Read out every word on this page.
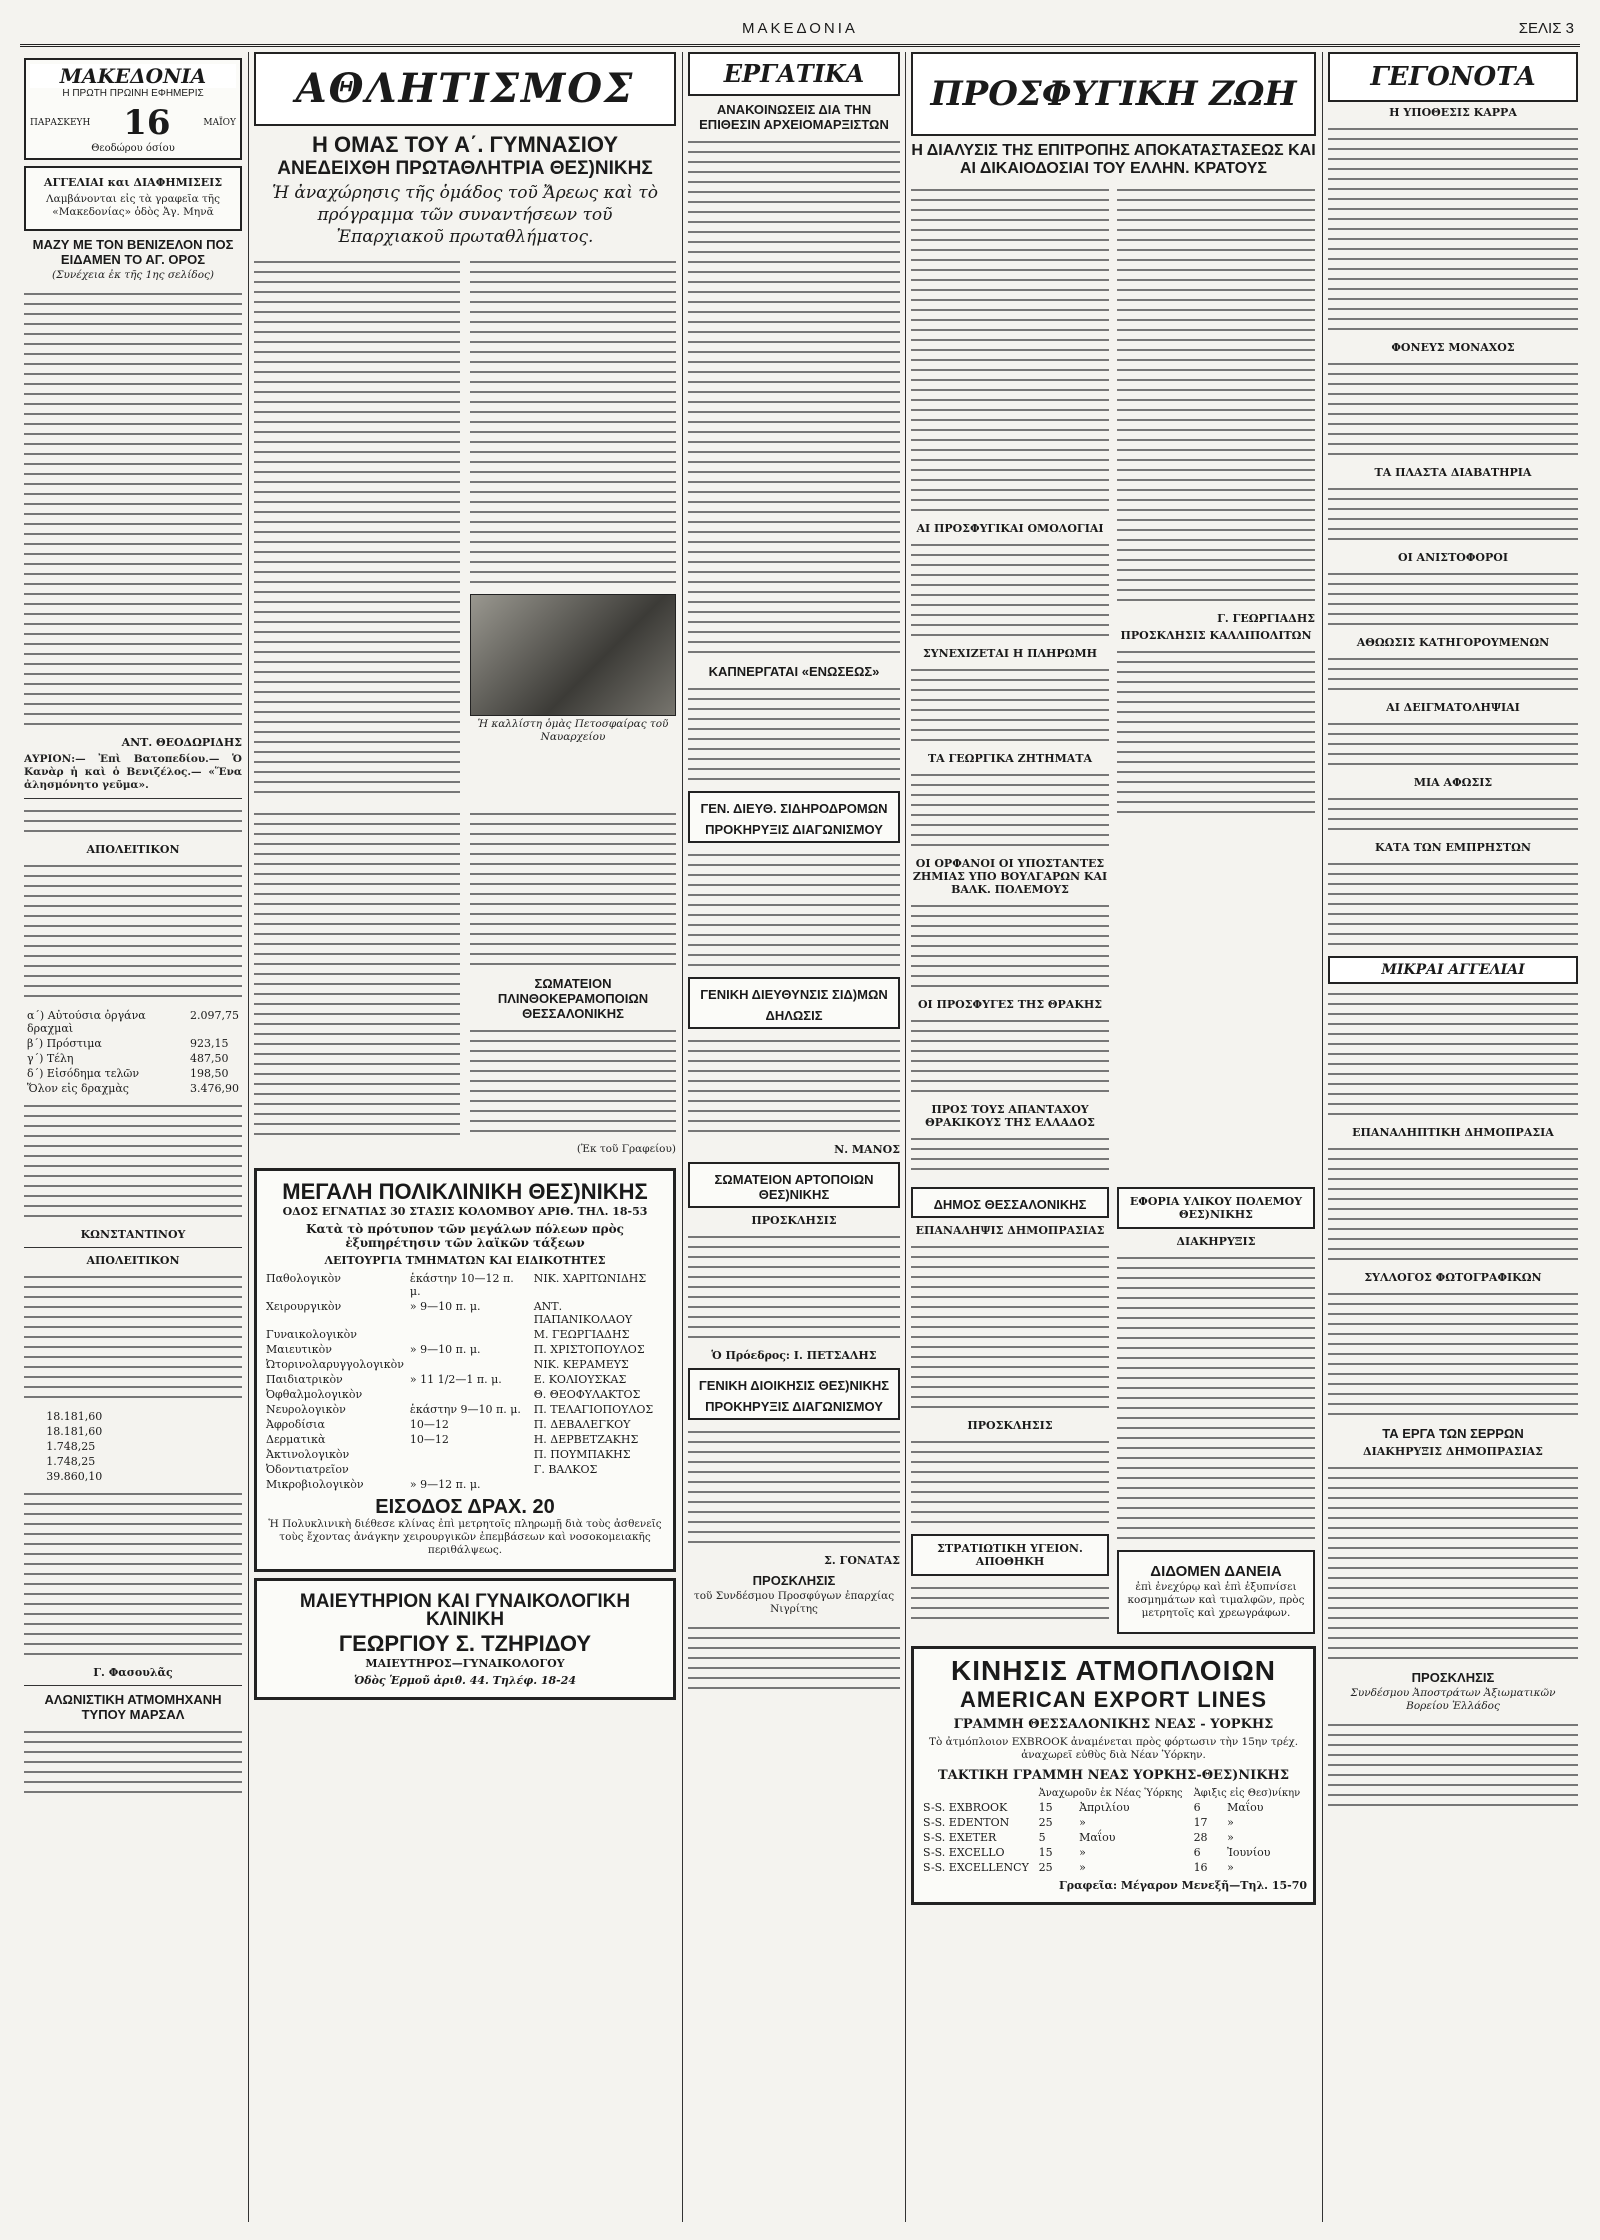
ΜΑΚΕΔΟΝΙΑ	ΣΕΛΙΣ 3
ΜΑΚΕΔΟΝΙΑ
Η ΠΡΩΤΗ ΠΡΩΙΝΗ ΕΦΗΜΕΡΙΣ
ΠΑΡΑΣΚΕΥΗ 16	ΜΑΪΟΥ
Θεοδώρου όσίου
ΑΓΓΕΛΙΑΙ και ΔΙΑΦΗΜΙΣΕΙΣ
Λαμβάνονται εἰς τὰ γραφεῖα τῆς «Μακεδονίας» ὁδὸς Ἀγ. Μηνᾶ
ΜΑΖΥ ΜΕ ΤΟΝ ΒΕΝΙΖΕΛΟΝ ΠΟΣ ΕΙΔΑΜΕΝ ΤΟ ΑΓ. ΟΡΟΣ
(Συνέχεια ἐκ τῆς 1ης σελίδος)
ΑΝΤ. ΘΕΟΔΩΡΙΔΗΣ
ΑΥΡΙΟΝ:— Ἐπὶ Βατοπεδίου.— Ὁ Κανὰρ ἡ καὶ ὁ Βενιζέλος.— «Ἕνα ἀλησμόνητο γεῦμα».
ΑΠΟΛΕΙΤΙΚΟΝ
α΄) Αὐτούσια ὀργάνα δραχμαὶ	2.097,75
β΄) Πρόστιμα	923,15
γ΄) Τέλη	487,50
δ΄) Εἰσόδημα τελῶν	198,50
Ὅλον εἰς δραχμὰς	3.476,90
ΚΩΝΣΤΑΝΤΙΝΟΥ
ΑΠΟΛΕΙΤΙΚΟΝ
	18.181,60
	18.181,60
	1.748,25
	1.748,25
	39.860,10
Γ. Φασουλᾶς
ΑΛΩΝΙΣΤΙΚΗ ΑΤΜΟΜΗΧΑΝΗ ΤΥΠΟΥ ΜΑΡΣΑΛ
ΑΘΛΗΤΙΣΜΟΣ
Η ΟΜΑΣ ΤΟΥ Α΄. ΓΥΜΝΑΣΙΟΥ
ΑΝΕΔΕΙΧΘΗ ΠΡΩΤΑΘΛΗΤΡΙΑ ΘΕΣ)ΝΙΚΗΣ
Ἡ ἀναχώρησις τῆς ὁμάδος τοῦ Ἄρεως καὶ τὸ πρόγραμμα τῶν συναντήσεων τοῦ Ἐπαρχιακοῦ πρωταθλήματος.
Ἡ καλλίστη ὁμὰς Πετοσφαίρας τοῦ Ναυαρχείου
ΣΩΜΑΤΕΙΟΝ ΠΛΙΝΘΟΚΕΡΑΜΟΠΟΙΩΝ ΘΕΣΣΑΛΟΝΙΚΗΣ
(Ἐκ τοῦ Γραφείου)
ΜΕΓΑΛΗ ΠΟΛΙΚΛΙΝΙΚΗ ΘΕΣ)ΝΙΚΗΣ
ΟΔΟΣ ΕΓΝΑΤΙΑΣ 30 ΣΤΑΣΙΣ ΚΟΛΟΜΒΟΥ ΑΡΙΘ. ΤΗΛ. 18-53
Κατὰ τὸ πρότυπον τῶν μεγάλων πόλεων πρὸς ἐξυπηρέτησιν τῶν λαϊκῶν τάξεων
ΛΕΙΤΟΥΡΓΙΑ ΤΜΗΜΑΤΩΝ ΚΑΙ ΕΙΔΙΚΟΤΗΤΕΣ
Παθολογικὸν	ἑκάστην 10—12 π. μ.	ΝΙΚ. ΧΑΡΙΤΩΝΙΔΗΣ
Χειρουργικὸν	» 9—10 π. μ.	ΑΝΤ. ΠΑΠΑΝΙΚΟΛΑΟΥ
Γυναικολογικὸν		Μ. ΓΕΩΡΓΙΑΔΗΣ
Μαιευτικὸν	» 9—10 π. μ.	Π. ΧΡΙΣΤΟΠΟΥΛΟΣ
Ὠτορινολαρυγγολογικὸν		ΝΙΚ. ΚΕΡΑΜΕΥΣ
Παιδιατρικὸν	» 11 1/2—1 π. μ.	Ε. ΚΟΛΙΟΥΣΚΑΣ
Ὀφθαλμολογικὸν		Θ. ΘΕΟΦΥΛΑΚΤΟΣ
Νευρολογικὸν	ἑκάστην 9—10 π. μ.	Π. ΤΕΛΑΓΙΟΠΟΥΛΟΣ
Ἀφροδίσια	10—12	Π. ΔΕΒΑΛΕΓΚΟΥ
Δερματικὰ	10—12	Η. ΔΕΡΒΕΤΖΑΚΗΣ
Ἀκτινολογικὸν		Π. ΠΟΥΜΠΑΚΗΣ
Ὀδοντιατρεῖον		Γ. ΒΑΛΚΟΣ
Μικροβιολογικὸν	» 9—12 π. μ.	
ΕΙΣΟΔΟΣ ΔΡΑΧ. 20
Ἡ Πολυκλινικὴ διέθεσε κλίνας ἐπὶ μετρητοῖς πληρωμῇ διὰ τοὺς ἀσθενεῖς τοὺς ἔχοντας ἀνάγκην χειρουργικῶν ἐπεμβάσεων καὶ νοσοκομειακῆς περιθάλψεως.
ΜΑΙΕΥΤΗΡΙΟΝ ΚΑΙ ΓΥΝΑΙΚΟΛΟΓΙΚΗ ΚΛΙΝΙΚΗ
ΓΕΩΡΓΙΟΥ Σ. ΤΖΗΡΙΔΟΥ
ΜΑΙΕΥΤΗΡΟΣ—ΓΥΝΑΙΚΟΛΟΓΟΥ
Ὁδὸς Ἑρμοῦ ἀριθ. 44. Τηλέφ. 18-24
ΕΡΓΑΤΙΚΑ
ΑΝΑΚΟΙΝΩΣΕΙΣ ΔΙΑ ΤΗΝ ΕΠΙΘΕΣΙΝ ΑΡΧΕΙΟΜΑΡΞΙΣΤΩΝ
ΚΑΠΝΕΡΓΑΤΑΙ «ΕΝΩΣΕΩΣ»
ΓΕΝ. ΔΙΕΥΘ. ΣΙΔΗΡΟΔΡΟΜΩΝ
ΠΡΟΚΗΡΥΞΙΣ ΔΙΑΓΩΝΙΣΜΟΥ
ΓΕΝΙΚΗ ΔΙΕΥΘΥΝΣΙΣ ΣΙΔ)ΜΩΝ
ΔΗΛΩΣΙΣ
Ν. ΜΑΝΟΣ
ΣΩΜΑΤΕΙΟΝ ΑΡΤΟΠΟΙΩΝ ΘΕΣ)ΝΙΚΗΣ
ΠΡΟΣΚΛΗΣΙΣ
Ὁ Πρόεδρος: Ι. ΠΕΤΣΑΛΗΣ
ΓΕΝΙΚΗ ΔΙΟΙΚΗΣΙΣ ΘΕΣ)ΝΙΚΗΣ
ΠΡΟΚΗΡΥΞΙΣ ΔΙΑΓΩΝΙΣΜΟΥ
Σ. ΓΟΝΑΤΑΣ
ΠΡΟΣΚΛΗΣΙΣ
τοῦ Συνδέσμου Προσφύγων ἐπαρχίας Νιγρίτης
ΠΡΟΣΦΥΓΙΚΗ ΖΩΗ
Η ΔΙΑΛΥΣΙΣ ΤΗΣ ΕΠΙΤΡΟΠΗΣ ΑΠΟΚΑΤΑΣΤΑΣΕΩΣ ΚΑΙ ΑΙ ΔΙΚΑΙΟΔΟΣΙΑΙ ΤΟΥ ΕΛΛΗΝ. ΚΡΑΤΟΥΣ
ΑΙ ΠΡΟΣΦΥΓΙΚΑΙ ΟΜΟΛΟΓΙΑΙ
ΣΥΝΕΧΙΖΕΤΑΙ Η ΠΛΗΡΩΜΗ
ΤΑ ΓΕΩΡΓΙΚΑ ΖΗΤΗΜΑΤΑ
ΟΙ ΟΡΦΑΝΟΙ ΟΙ ΥΠΟΣΤΑΝΤΕΣ ΖΗΜΙΑΣ ΥΠΟ ΒΟΥΛΓΑΡΩΝ ΚΑΙ ΒΑΛΚ. ΠΟΛΕΜΟΥΣ
ΟΙ ΠΡΟΣΦΥΓΕΣ ΤΗΣ ΘΡΑΚΗΣ
ΠΡΟΣ ΤΟΥΣ ΑΠΑΝΤΑΧΟΥ ΘΡΑΚΙΚΟΥΣ ΤΗΣ ΕΛΛΑΔΟΣ
Γ. ΓΕΩΡΓΙΑΔΗΣ
ΠΡΟΣΚΛΗΣΙΣ ΚΑΛΛΙΠΟΛΙΤΩΝ
ΔΗΜΟΣ ΘΕΣΣΑΛΟΝΙΚΗΣ
ΕΠΑΝΑΛΗΨΙΣ ΔΗΜΟΠΡΑΣΙΑΣ
ΠΡΟΣΚΛΗΣΙΣ
ΣΤΡΑΤΙΩΤΙΚΗ ΥΓΕΙΟΝ. ΑΠΟΘΗΚΗ
ΕΦΟΡΙΑ ΥΛΙΚΟΥ ΠΟΛΕΜΟΥ ΘΕΣ)ΝΙΚΗΣ
ΔΙΑΚΗΡΥΞΙΣ
ΔΙΔΟΜΕΝ ΔΑΝΕΙΑ
ἐπὶ ἐνεχύρῳ καὶ ἐπὶ ἐξυπνίσει κοσμημάτων καὶ τιμαλφῶν, πρὸς μετρητοῖς καὶ χρεωγράφων.
ΚΙΝΗΣΙΣ ΑΤΜΟΠΛΟΙΩΝ
AMERICAN EXPORT LINES
ΓΡΑΜΜΗ ΘΕΣΣΑΛΟΝΙΚΗΣ ΝΕΑΣ - ΥΟΡΚΗΣ
Τὸ ἀτμόπλοιον EXBROOK ἀναμένεται πρὸς φόρτωσιν τὴν 15ην τρέχ. ἀναχωρεῖ εὐθὺς διὰ Νέαν Ὑόρκην.
ΤΑΚΤΙΚΗ ΓΡΑΜΜΗ ΝΕΑΣ ΥΟΡΚΗΣ-ΘΕΣ)ΝΙΚΗΣ
	Ἀναχωροῦν ἐκ Νέας Ὑόρκης		Ἀφιξις εἰς Θεσ)νίκην	
S-S. EXBROOK	15	Ἀπριλίου	6	Μαΐου
S-S. EDENTON	25	»	17	»
S-S. EXETER	5	Μαΐου	28	»
S-S. EXCELLO	15	»	6	Ἰουνίου
S-S. EXCELLENCY	25	»	16	»
Γραφεῖα: Μέγαρον Μενεξῆ—Τηλ. 15-70
ΓΕΓΟΝΟΤΑ
Η ΥΠΟΘΕΣΙΣ ΚΑΡΡΑ
ΦΟΝΕΥΣ ΜΟΝΑΧΟΣ
ΤΑ ΠΛΑΣΤΑ ΔΙΑΒΑΤΗΡΙΑ
ΟΙ ΑΝΙΣΤΟΦΟΡΟΙ
ΑΘΩΩΣΙΣ ΚΑΤΗΓΟΡΟΥΜΕΝΩΝ
ΑΙ ΔΕΙΓΜΑΤΟΛΗΨΙΑΙ
ΜΙΑ ΑΦΩΣΙΣ
ΚΑΤΑ ΤΩΝ ΕΜΠΡΗΣΤΩΝ
ΜΙΚΡΑΙ ΑΓΓΕΛΙΑΙ
ΕΠΑΝΑΛΗΠΤΙΚΗ ΔΗΜΟΠΡΑΣΙΑ
ΣΥΛΛΟΓΟΣ ΦΩΤΟΓΡΑΦΙΚΩΝ
ΤΑ ΕΡΓΑ ΤΩΝ ΣΕΡΡΩΝ
ΔΙΑΚΗΡΥΞΙΣ ΔΗΜΟΠΡΑΣΙΑΣ
ΠΡΟΣΚΛΗΣΙΣ
Συνδέσμου Ἀποστράτων Ἀξιωματικῶν Βορείου Ἑλλάδος
